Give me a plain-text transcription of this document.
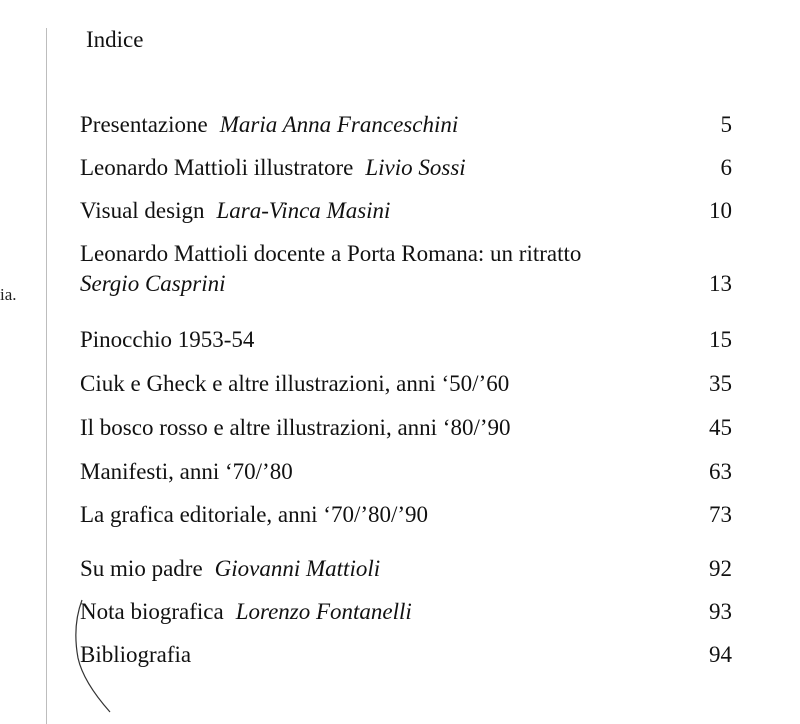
ia.
Indice
Presentazione Maria Anna Franceschini	5
Leonardo Mattioli illustratore Livio Sossi	6
Visual design Lara-Vinca Masini	10
Leonardo Mattioli docente a Porta Romana: un ritratto
Sergio Casprini	13
Pinocchio 1953-54	15
Ciuk e Gheck e altre illustrazioni, anni ‘50/’60	35
Il bosco rosso e altre illustrazioni, anni ‘80/’90	45
Manifesti, anni ‘70/’80	63
La grafica editoriale, anni ‘70/’80/’90	73
Su mio padre Giovanni Mattioli	92
Nota biografica Lorenzo Fontanelli	93
Bibliografia	94
